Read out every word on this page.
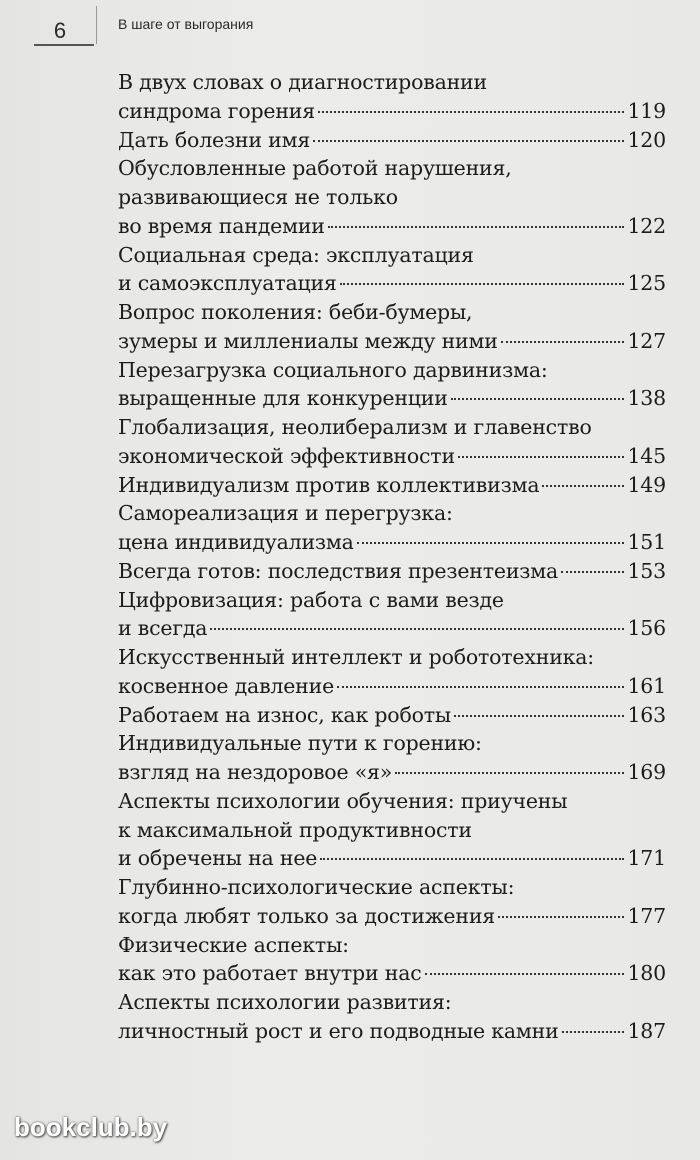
6	В шаге от выгорания
В двух словах о диагностировании
синдрома горения	119
Дать болезни имя	120
Обусловленные работой нарушения,
развивающиеся не только
во время пандемии	122
Социальная среда: эксплуатация
и самоэксплуатация	125
Вопрос поколения: беби-бумеры,
зумеры и миллениалы между ними	127
Перезагрузка социального дарвинизма:
выращенные для конкуренции	138
Глобализация, неолиберализм и главенство
экономической эффективности	145
Индивидуализм против коллективизма	149
Самореализация и перегрузка:
цена индивидуализма	151
Всегда готов: последствия презентеизма	153
Цифровизация: работа с вами везде
и всегда	156
Искусственный интеллект и робототехника:
косвенное давление	161
Работаем на износ, как роботы	163
Индивидуальные пути к горению:
взгляд на нездоровое «я»	169
Аспекты психологии обучения: приучены
к максимальной продуктивности
и обречены на нее	171
Глубинно-психологические аспекты:
когда любят только за достижения	177
Физические аспекты:
как это работает внутри нас	180
Аспекты психологии развития:
личностный рост и его подводные камни	187
bookclub.by
